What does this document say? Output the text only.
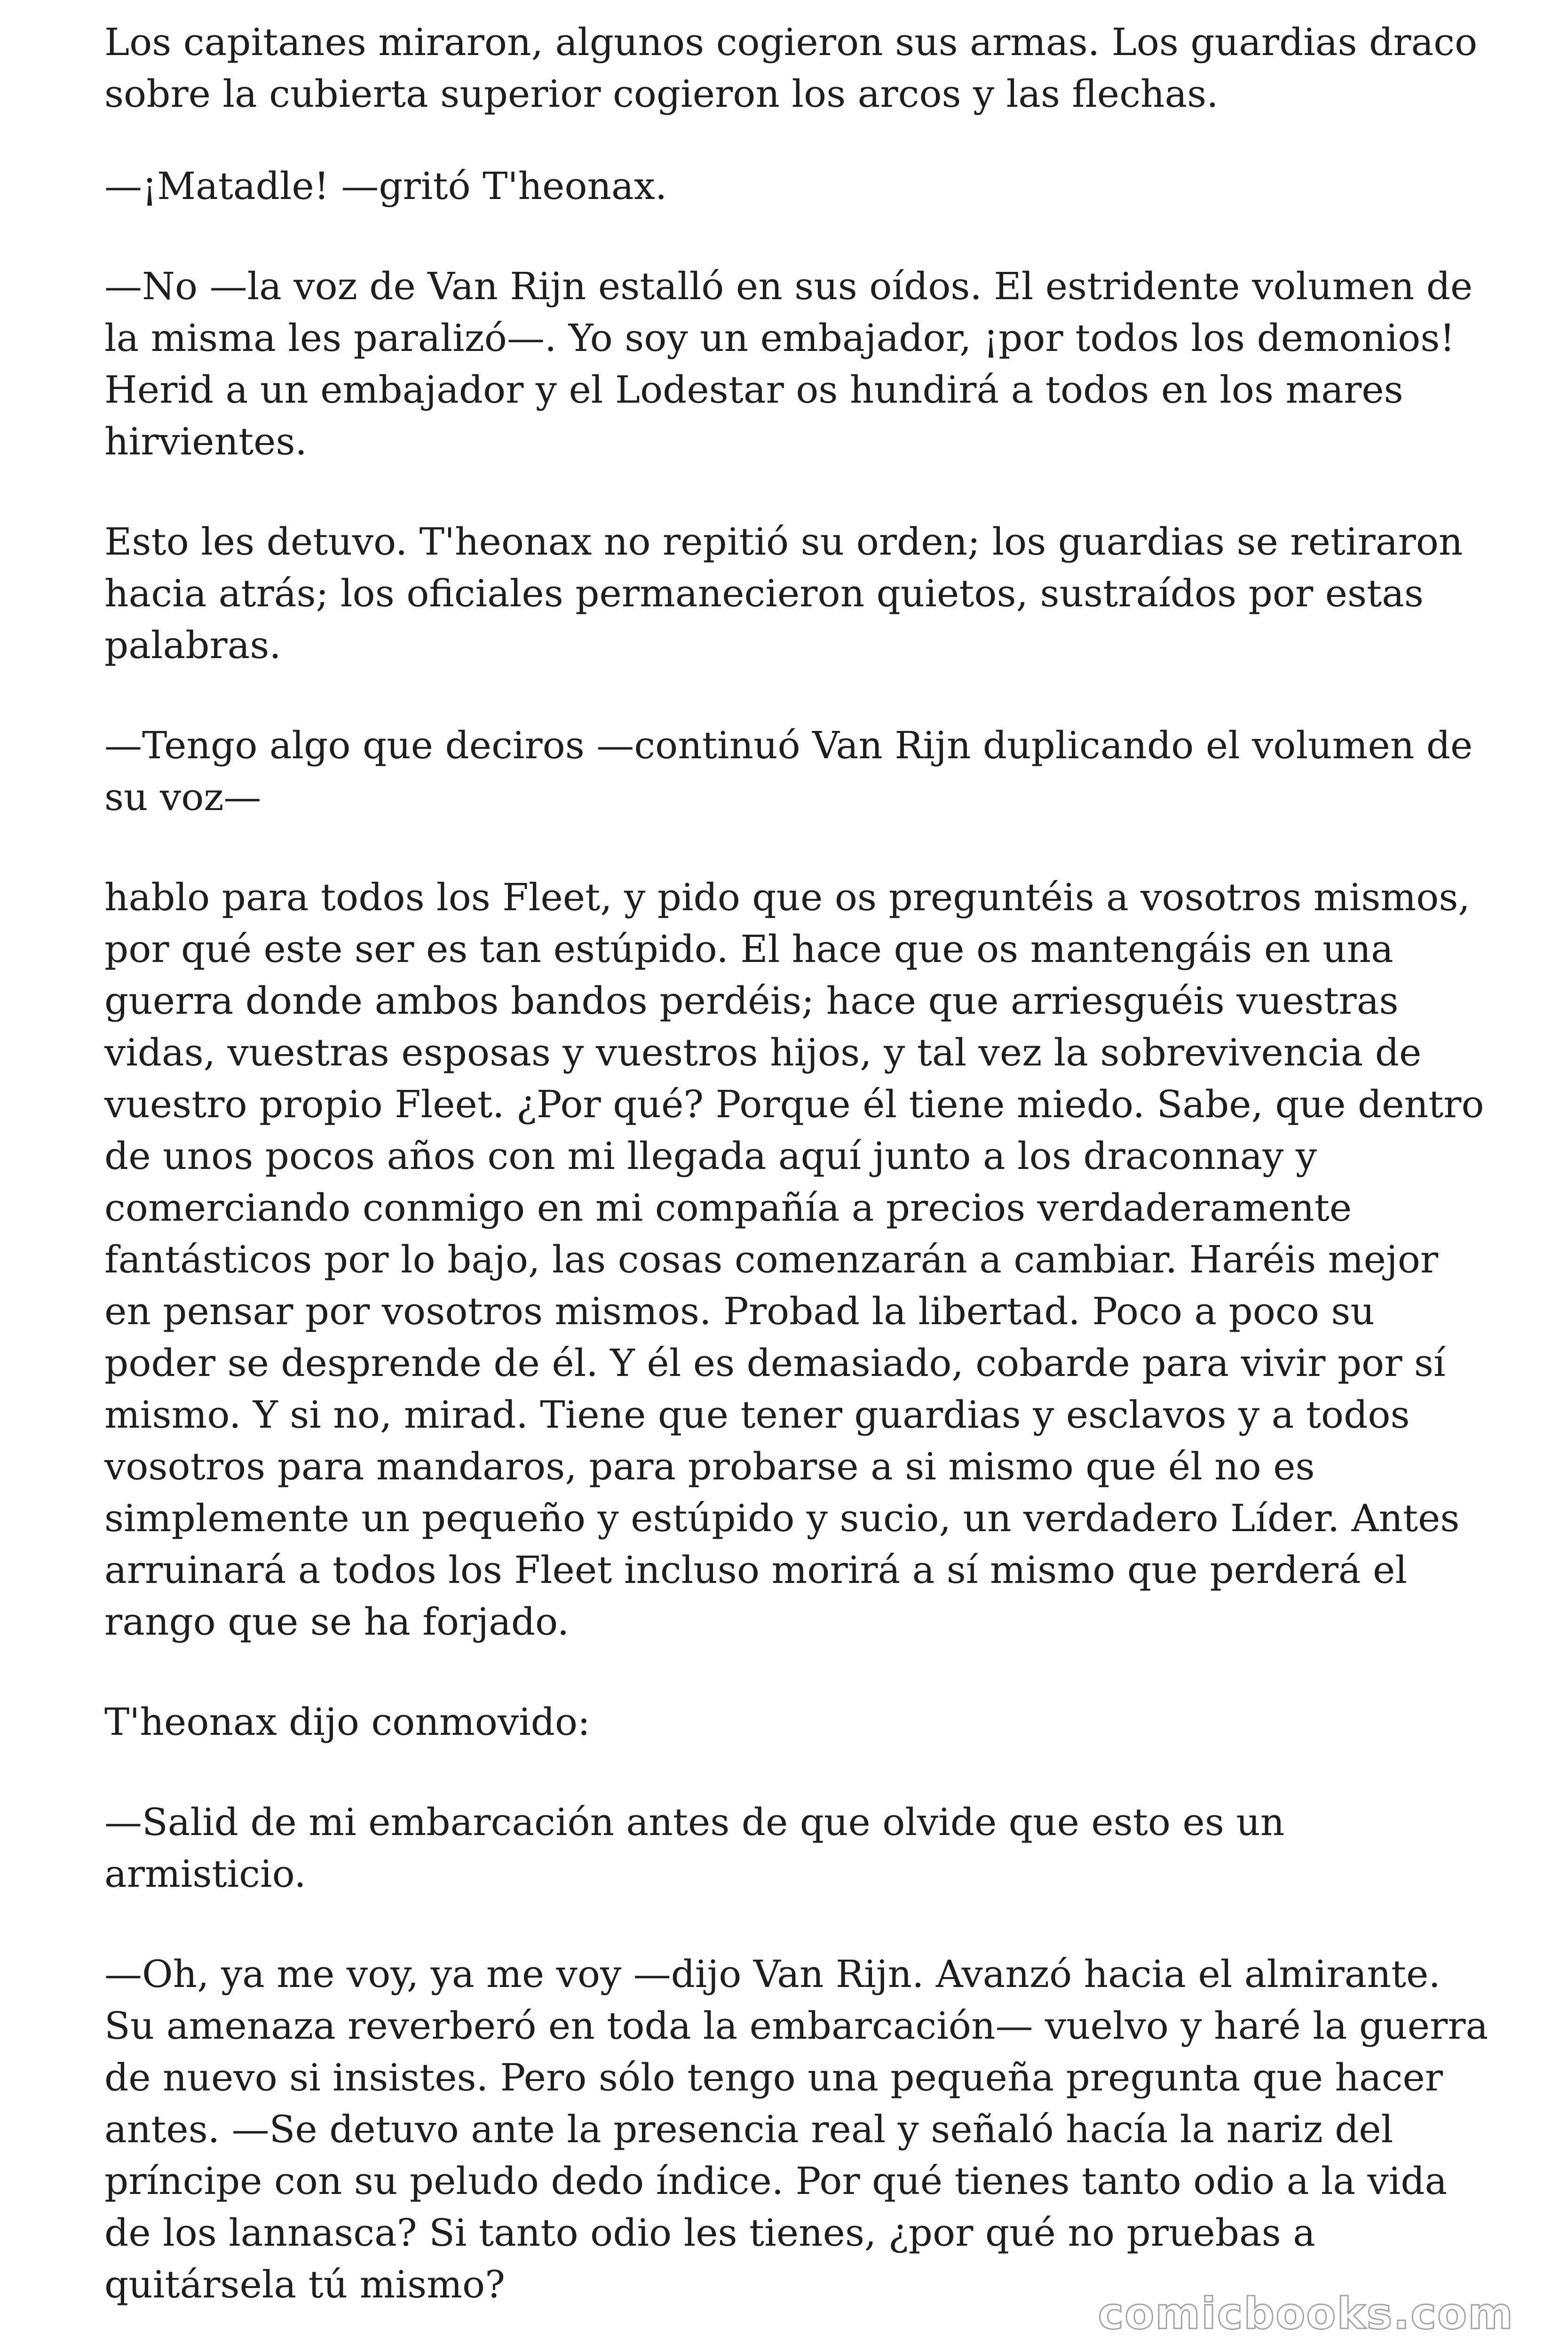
Los capitanes miraron, algunos cogieron sus armas. Los guardias draco sobre la cubierta superior cogieron los arcos y las flechas.

—¡Matadle! —gritó T'heonax.

—No —la voz de Van Rijn estalló en sus oídos. El estridente volumen de la misma les paralizó—. Yo soy un embajador, ¡por todos los demonios! Herid a un embajador y el Lodestar os hundirá a todos en los mares hirvientes.

Esto les detuvo. T'heonax no repitió su orden; los guardias se retiraron hacia atrás; los oficiales permanecieron quietos, sustraídos por estas palabras.

—Tengo algo que deciros —continuó Van Rijn duplicando el volumen de su voz—

hablo para todos los Fleet, y pido que os preguntéis a vosotros mismos, por qué este ser es tan estúpido. El hace que os mantengáis en una guerra donde ambos bandos perdéis; hace que arriesguéis vuestras vidas, vuestras esposas y vuestros hijos, y tal vez la sobrevivencia de vuestro propio Fleet. ¿Por qué? Porque él tiene miedo. Sabe, que dentro de unos pocos años con mi llegada aquí junto a los draconnay y comerciando conmigo en mi compañía a precios verdaderamente fantásticos por lo bajo, las cosas comenzarán a cambiar. Haréis mejor en pensar por vosotros mismos. Probad la libertad. Poco a poco su poder se desprende de él. Y él es demasiado, cobarde para vivir por sí mismo. Y si no, mirad. Tiene que tener guardias y esclavos y a todos vosotros para mandaros, para probarse a si mismo que él no es simplemente un pequeño y estúpido y sucio, un verdadero Líder. Antes arruinará a todos los Fleet incluso morirá a sí mismo que perderá el rango que se ha forjado.

T'heonax dijo conmovido:

—Salid de mi embarcación antes de que olvide que esto es un armisticio.

—Oh, ya me voy, ya me voy —dijo Van Rijn. Avanzó hacia el almirante. Su amenaza reverberó en toda la embarcación— vuelvo y haré la guerra de nuevo si insistes. Pero sólo tengo una pequeña pregunta que hacer antes. —Se detuvo ante la presencia real y señaló hacía la nariz del príncipe con su peludo dedo índice. Por qué tienes tanto odio a la vida de los lannasca? Si tanto odio les tienes, ¿por qué no pruebas a quitársela tú mismo?

comicbooks.com
